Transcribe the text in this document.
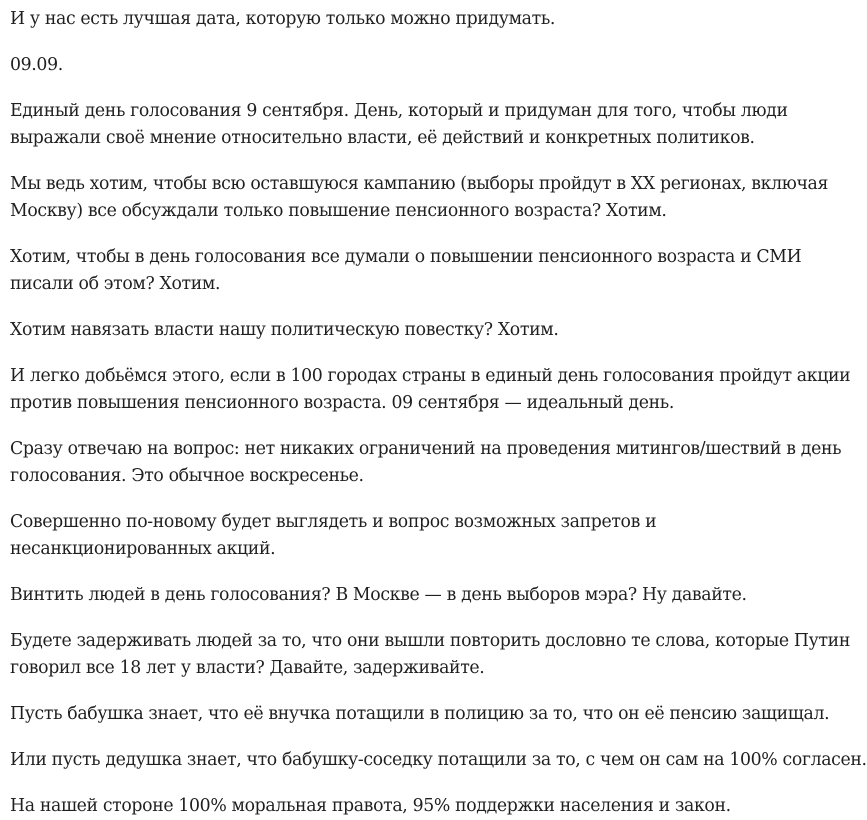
И у нас есть лучшая дата, которую только можно придумать.

09.09.

Единый день голосования 9 сентября. День, который и придуман для того, чтобы люди
выражали своё мнение относительно власти, её действий и конкретных политиков.

Мы ведь хотим, чтобы всю оставшуюся кампанию (выборы пройдут в XX регионах, включая
Москву) все обсуждали только повышение пенсионного возраста? Хотим.

Хотим, чтобы в день голосования все думали о повышении пенсионного возраста и СМИ
писали об этом? Хотим.

Хотим навязать власти нашу политическую повестку? Хотим.

И легко добьёмся этого, если в 100 городах страны в единый день голосования пройдут акции
против повышения пенсионного возраста. 09 сентября — идеальный день.

Сразу отвечаю на вопрос: нет никаких ограничений на проведения митингов/шествий в день
голосования. Это обычное воскресенье.

Совершенно по-новому будет выглядеть и вопрос возможных запретов и
несанкционированных акций.

Винтить людей в день голосования? В Москве — в день выборов мэра? Ну давайте.

Будете задерживать людей за то, что они вышли повторить дословно те слова, которые Путин
говорил все 18 лет у власти? Давайте, задерживайте.

Пусть бабушка знает, что её внучка потащили в полицию за то, что он её пенсию защищал.

Или пусть дедушка знает, что бабушку-соседку потащили за то, с чем он сам на 100% согласен.

На нашей стороне 100% моральная правота, 95% поддержки населения и закон.
